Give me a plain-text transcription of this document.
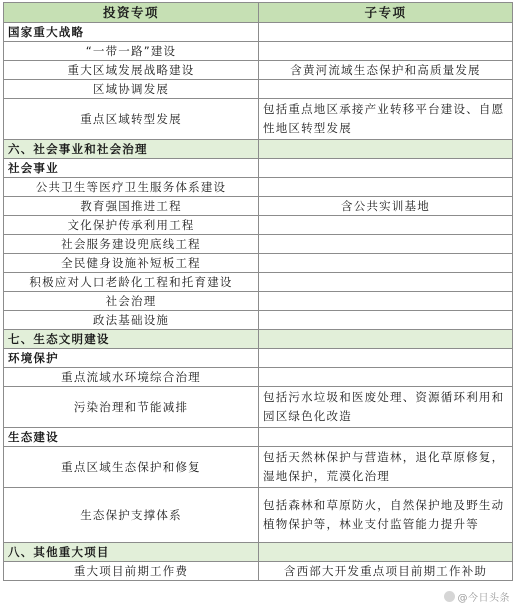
投资专项	子专项
国家重大战略	
“一带一路”建设	
重大区域发展战略建设	含黄河流域生态保护和高质量发展
区域协调发展	
重点区域转型发展	包括重点地区承接产业转移平台建设、自愿性地区转型发展
六、社会事业和社会治理	
社会事业	
公共卫生等医疗卫生服务体系建设	
教育强国推进工程	含公共实训基地
文化保护传承利用工程	
社会服务建设兜底线工程	
全民健身设施补短板工程	
积极应对人口老龄化工程和托育建设	
社会治理	
政法基础设施	
七、生态文明建设	
环境保护	
重点流域水环境综合治理	
污染治理和节能减排	包括污水垃圾和医废处理、资源循环利用和园区绿色化改造
生态建设	
重点区域生态保护和修复	包括天然林保护与营造林，退化草原修复，湿地保护，荒漠化治理
生态保护支撑体系	包括森林和草原防火，自然保护地及野生动植物保护等，林业支付监管能力提升等
八、其他重大项目	
重大项目前期工作费	含西部大开发重点项目前期工作补助
@今日头条
